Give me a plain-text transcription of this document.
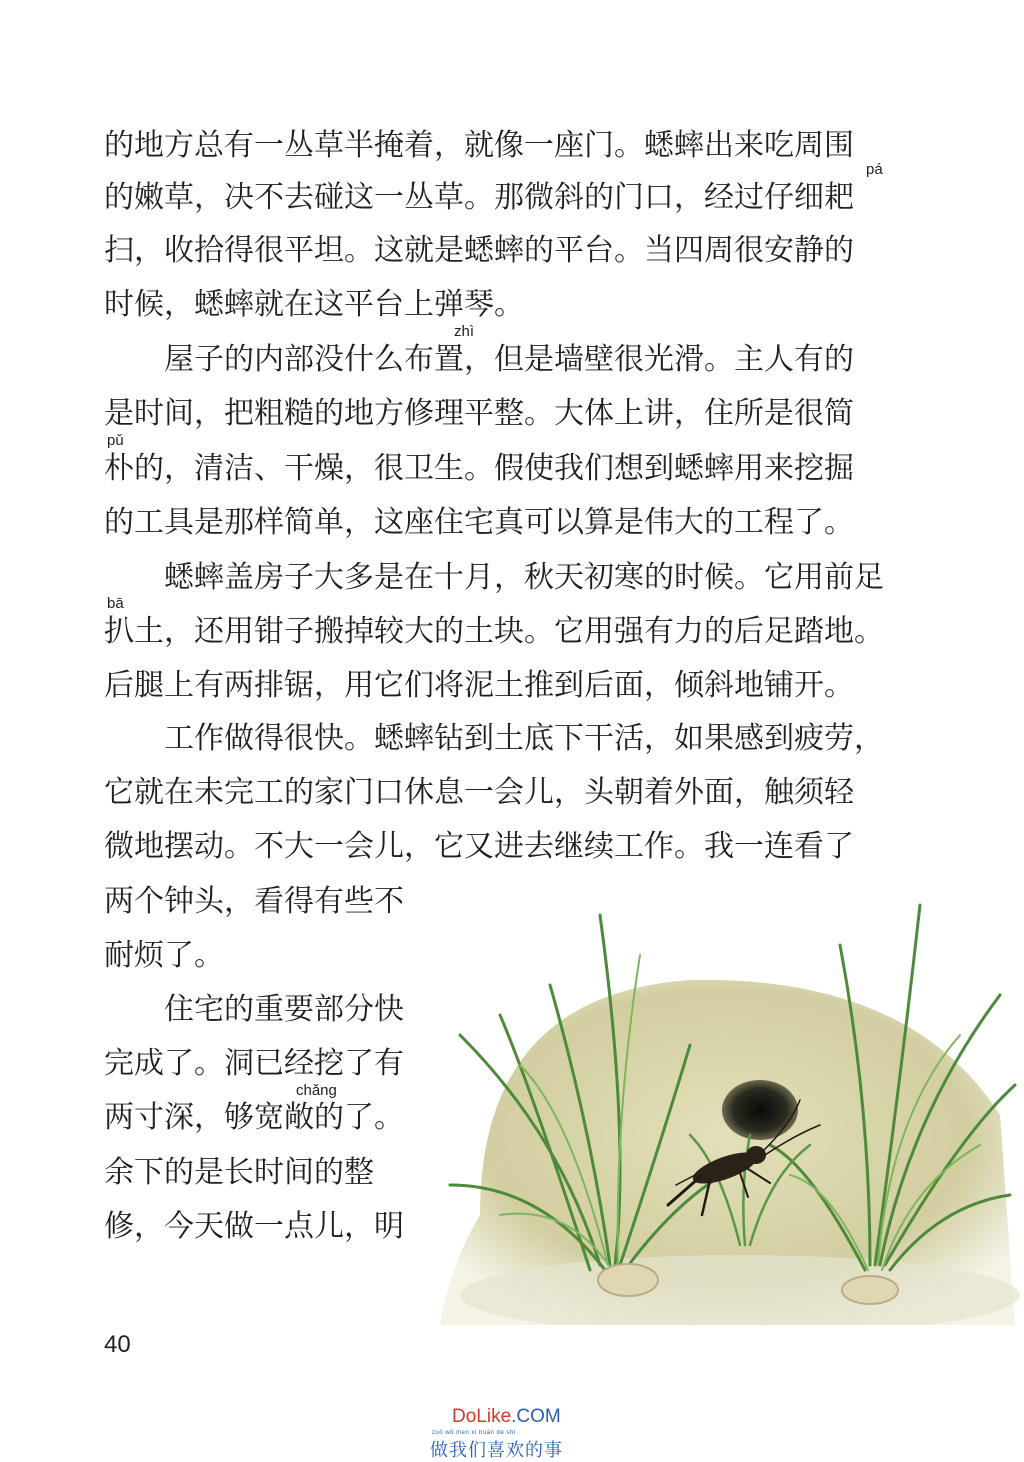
的地方总有一丛草半掩着，就像一座门。蟋蟀出来吃周围

的嫩草，决不去碰这一丛草。那微斜的门口，经过仔细耙

扫，收拾得很平坦。这就是蟋蟀的平台。当四周很安静的

时候，蟋蟀就在这平台上弹琴。

　　屋子的内部没什么布置，但是墙壁很光滑。主人有的

是时间，把粗糙的地方修理平整。大体上讲，住所是很简

朴的，清洁、干燥，很卫生。假使我们想到蟋蟀用来挖掘

的工具是那样简单，这座住宅真可以算是伟大的工程了。

　　蟋蟀盖房子大多是在十月，秋天初寒的时候。它用前足

扒土，还用钳子搬掉较大的土块。它用强有力的后足踏地。

后腿上有两排锯，用它们将泥土推到后面，倾斜地铺开。

　　工作做得很快。蟋蟀钻到土底下干活，如果感到疲劳，

它就在未完工的家门口休息一会儿，头朝着外面，触须轻

微地摆动。不大一会儿，它又进去继续工作。我一连看了

两个钟头，看得有些不

耐烦了。

　　住宅的重要部分快

完成了。洞已经挖了有

两寸深，够宽敞的了。

余下的是长时间的整

修，今天做一点儿，明

pá
zhì
pǔ
bā
chǎng
40
DoLike.COM
zuò wǒ men xǐ huān de shì
做我们喜欢的事
